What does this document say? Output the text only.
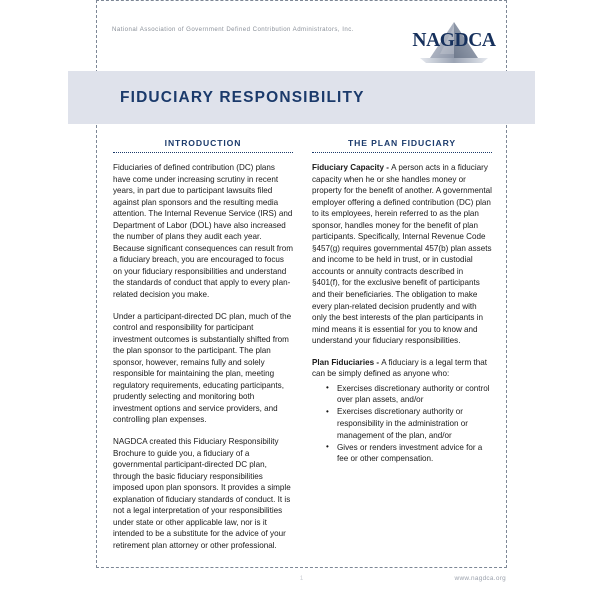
National Association of Government Defined Contribution Administrators, Inc.
NAGDCA
FIDUCIARY RESPONSIBILITY
INTRODUCTION

Fiduciaries of defined contribution (DC) plans have come under increasing scrutiny in recent years, in part due to participant lawsuits filed against plan sponsors and the resulting media attention. The Internal Revenue Service (IRS) and Department of Labor (DOL) have also increased the number of plans they audit each year. Because significant consequences can result from a fiduciary breach, you are encouraged to focus on your fiduciary responsibilities and understand the standards of conduct that apply to every plan-related decision you make.

Under a participant-directed DC plan, much of the control and responsibility for participant investment outcomes is substantially shifted from the plan sponsor to the participant. The plan sponsor, however, remains fully and solely responsible for maintaining the plan, meeting regulatory requirements, educating participants, prudently selecting and monitoring both investment options and service providers, and controlling plan expenses.

NAGDCA created this Fiduciary Responsibility Brochure to guide you, a fiduciary of a governmental participant-directed DC plan, through the basic fiduciary responsibilities imposed upon plan sponsors. It provides a simple explanation of fiduciary standards of conduct. It is not a legal interpretation of your responsibilities under state or other applicable law, nor is it intended to be a substitute for the advice of your retirement plan attorney or other professional.

THE PLAN FIDUCIARY

Fiduciary Capacity - A person acts in a fiduciary capacity when he or she handles money or property for the benefit of another. A governmental employer offering a defined contribution (DC) plan to its employees, herein referred to as the plan sponsor, handles money for the benefit of plan participants. Specifically, Internal Revenue Code §457(g) requires governmental 457(b) plan assets and income to be held in trust, or in custodial accounts or annuity contracts described in §401(f), for the exclusive benefit of participants and their beneficiaries. The obligation to make every plan-related decision prudently and with only the best interests of the plan participants in mind means it is essential for you to know and understand your fiduciary responsibilities.

Plan Fiduciaries - A fiduciary is a legal term that can be simply defined as anyone who:

• Exercises discretionary authority or control over plan assets, and/or
• Exercises discretionary authority or responsibility in the administration or management of the plan, and/or
• Gives or renders investment advice for a fee or other compensation.
1	www.nagdca.org
